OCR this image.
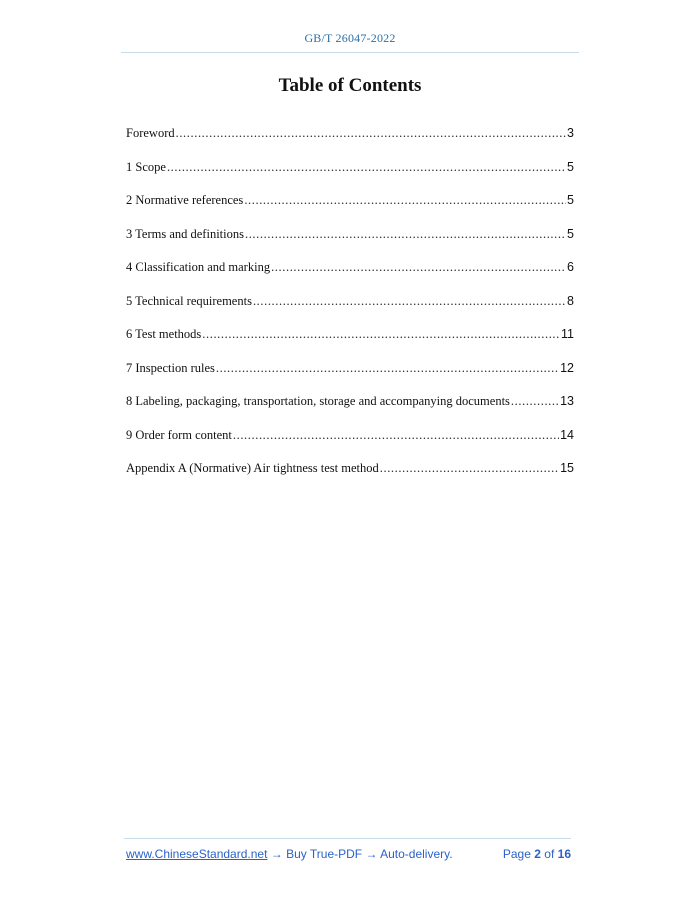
GB/T 26047-2022
Table of Contents
Foreword .....	3
1 Scope .....	5
2 Normative references .....	5
3 Terms and definitions .....	5
4 Classification and marking .....	6
5 Technical requirements .....	8
6 Test methods .....	11
7 Inspection rules .....	12
8 Labeling, packaging, transportation, storage and accompanying documents .....	13
9 Order form content .....	14
Appendix A (Normative) Air tightness test method .....	15
www.ChineseStandard.net → Buy True-PDF → Auto-delivery.	Page 2 of 16
